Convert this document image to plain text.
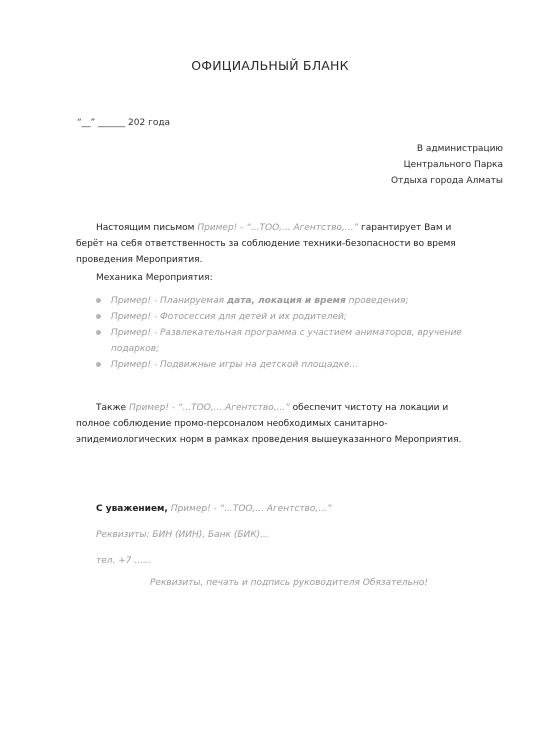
ОФИЦИАЛЬНЫЙ БЛАНК
“__” ______ 202 года
В администрацию
Центрального Парка
Отдыха города Алматы
Настоящим письмом Пример! - “...ТОО,... Агентство,...” гарантирует Вам и берёт на себя ответственность за соблюдение техники-безопасности во время проведения Мероприятия.
Механика Мероприятия:
Пример! - Планируемая дата, локация и время проведения;
Пример! - Фотосессия для детей и их родителей;
Пример! - Развлекательная программа с участием аниматоров, вручение подарков;
Пример! - Подвижные игры на детской площадке...
Также Пример! - “...ТОО,... Агентство,...” обеспечит чистоту на локации и полное соблюдение промо-персоналом необходимых санитарно-эпидемиологических норм в рамках проведения вышеуказанного Мероприятия.
С уважением, Пример! - “...ТОО,... Агентство,...”
Реквизиты: БИН (ИИН), Банк (БИК)...
тел. +7 ......
Реквизиты, печать и подпись руководителя Обязательно!
